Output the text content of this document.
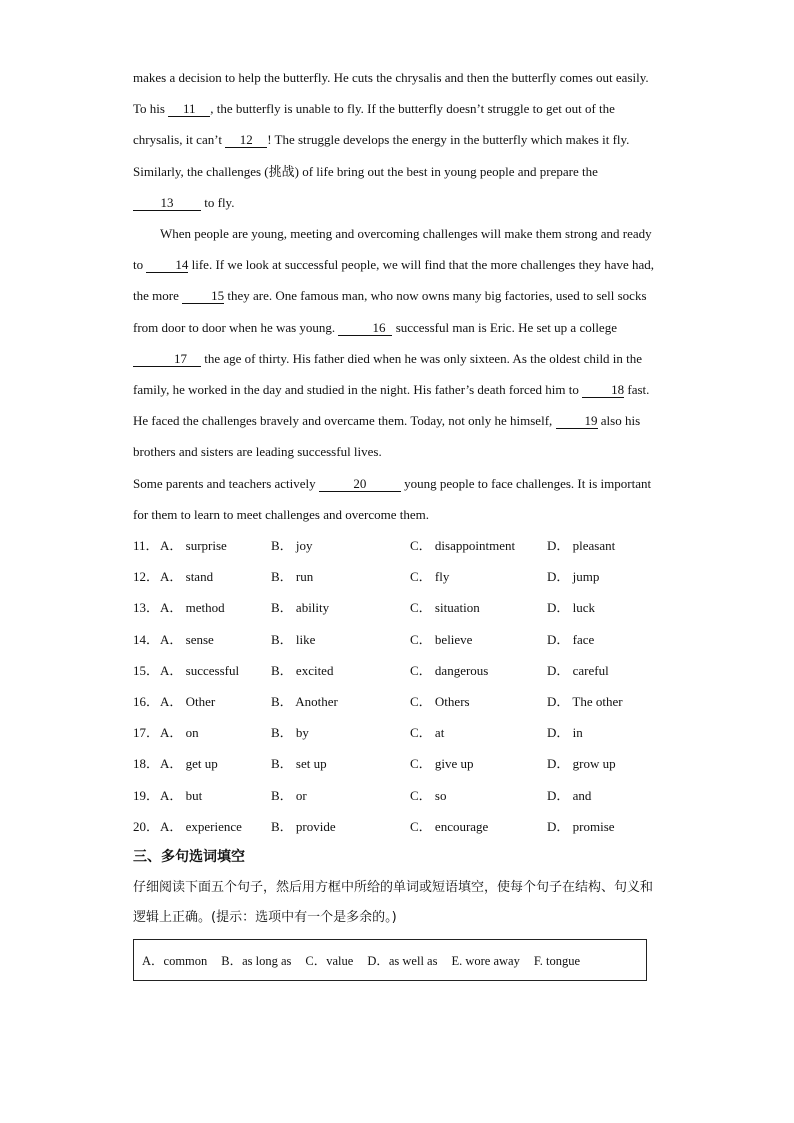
makes a decision to help the butterfly. He cuts the chrysalis and then the butterfly comes out easily. To his 11 , the butterfly is unable to fly. If the butterfly doesn’t struggle to get out of the chrysalis, it can’t 12 ! The struggle develops the energy in the butterfly which makes it fly. Similarly, the challenges (挑战) of life bring out the best in young people and prepare the 13 to fly.

When people are young, meeting and overcoming challenges will make them strong and ready to 14 life. If we look at successful people, we will find that the more challenges they have had, the more 15 they are. One famous man, who now owns many big factories, used to sell socks from door to door when he was young.	16 successful man is Eric. He set up a college 17 the age of thirty. His father died when he was only sixteen. As the oldest child in the family, he worked in the day and studied in the night. His father’s death forced him to 18 fast. He faced the challenges bravely and overcame them. Today, not only he himself, 19 also his brothers and sisters are leading successful lives.

Some parents and teachers actively	20	young people to face challenges. It is important for them to learn to meet challenges and overcome them.

11． A． surprise	B． joy	C． disappointment	D． pleasant
12． A． stand	B． run	C． fly	D． jump
13． A． method	B． ability	C． situation	D． luck
14． A． sense	B． like	C． believe	D． face
15． A． successful	B． excited	C． dangerous	D． careful
16． A． Other	B． Another	C． Others	D． The other
17． A． on	B． by	C． at	D． in
18． A． get up	B． set up	C． give up	D． grow up
19． A． but	B． or	C． so	D． and
20． A． experience	B． provide	C． encourage	D． promise
三、多句选词填空

仔细阅读下面五个句子，然后用方框中所给的单词或短语填空，使每个句子在结构、句义和逻辑上正确。(提示：选项中有一个是多余的。)

A．common B．as long as C．value D．as well as E. wore away F. tongue
